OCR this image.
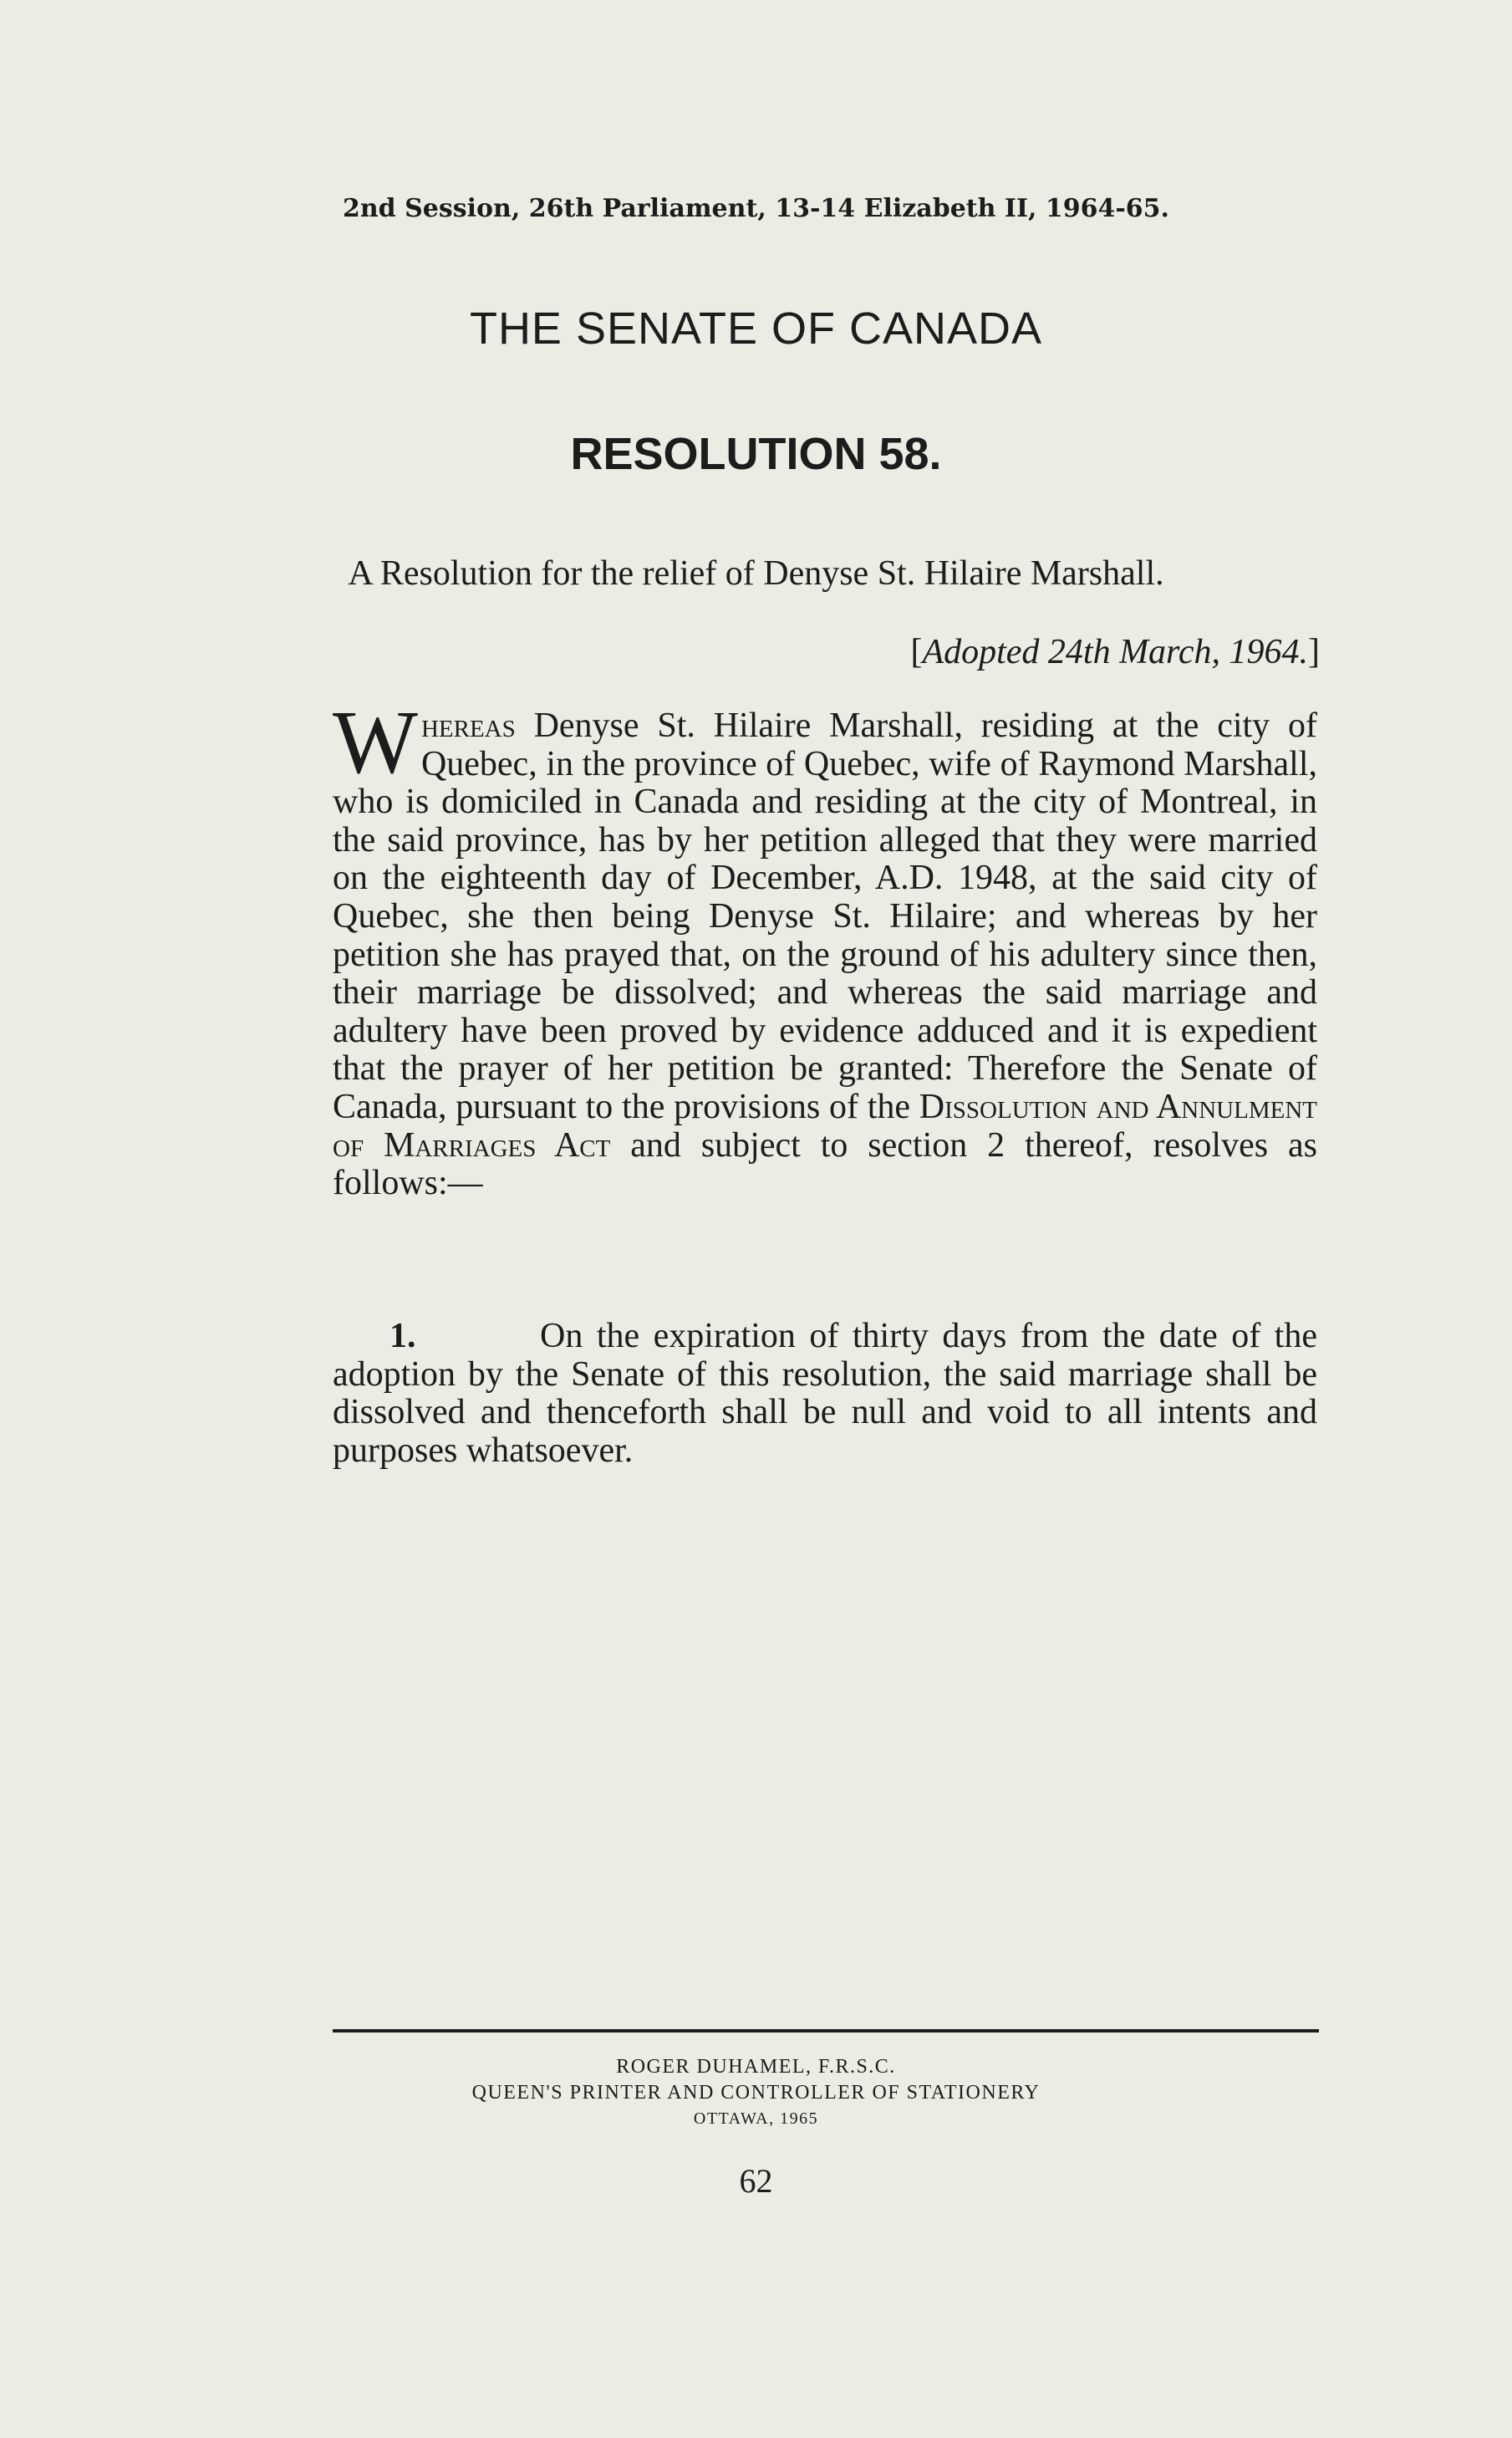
2nd Session, 26th Parliament, 13-14 Elizabeth II, 1964-65.
THE SENATE OF CANADA
RESOLUTION 58.
A Resolution for the relief of Denyse St. Hilaire Marshall.
[Adopted 24th March, 1964.]
Whereas Denyse St. Hilaire Marshall, residing at the city of Quebec, in the province of Quebec, wife of Raymond Marshall, who is domiciled in Canada and residing at the city of Montreal, in the said province, has by her petition alleged that they were married on the eighteenth day of December, A.D. 1948, at the said city of Quebec, she then being Denyse St. Hilaire; and whereas by her petition she has prayed that, on the ground of his adultery since then, their marriage be dissolved; and whereas the said marriage and adultery have been proved by evidence adduced and it is expedient that the prayer of her petition be granted: Therefore the Senate of Canada, pursuant to the provisions of the Dissolution and Annulment of Marriages Act and subject to section 2 thereof, resolves as follows:—
1.	On the expiration of thirty days from the date of the adoption by the Senate of this resolution, the said marriage shall be dissolved and thenceforth shall be null and void to all intents and purposes whatsoever.
ROGER DUHAMEL, F.R.S.C.
QUEEN'S PRINTER AND CONTROLLER OF STATIONERY
OTTAWA, 1965
62
